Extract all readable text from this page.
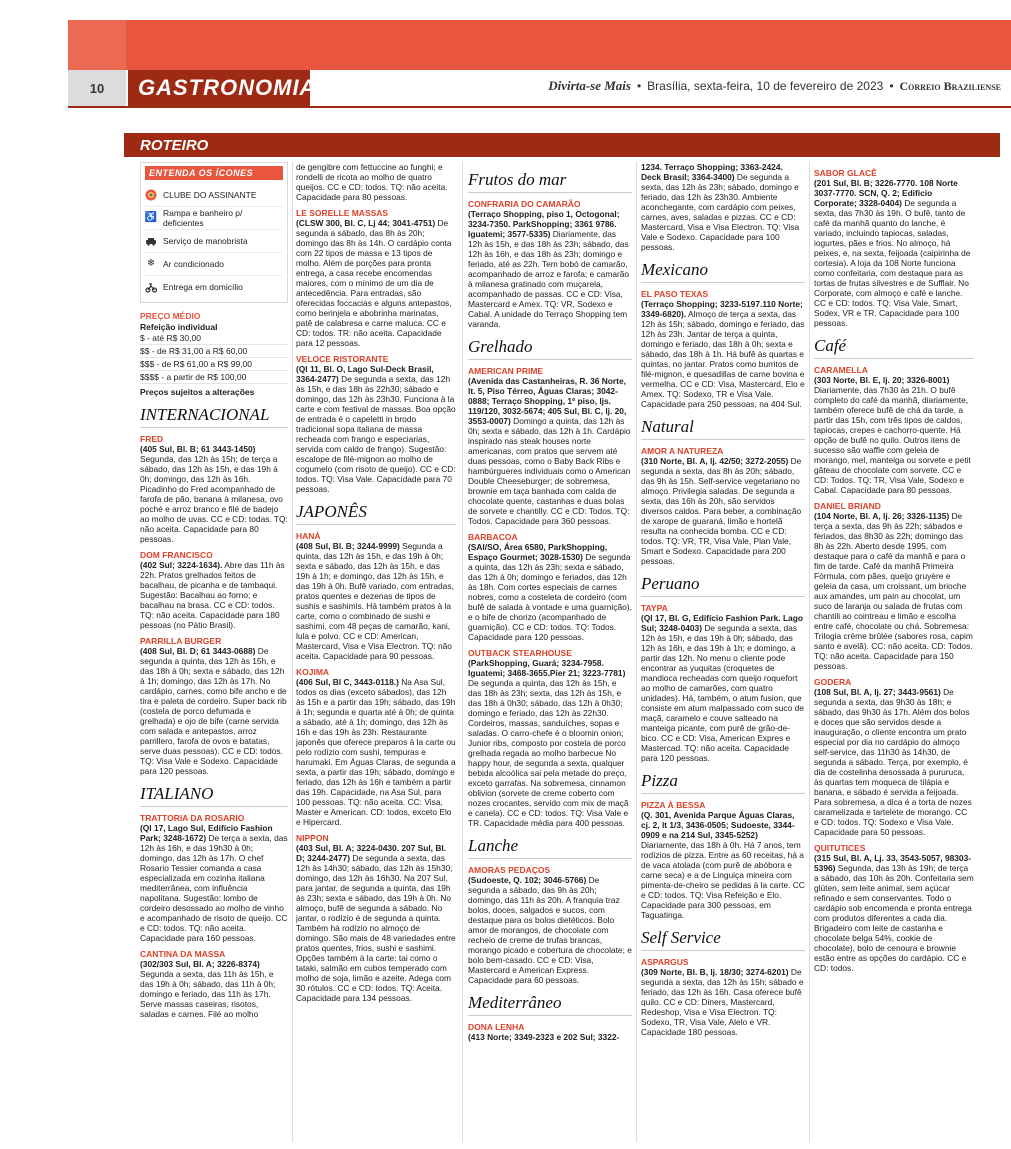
10	GASTRONOMIA	Divirta-se Mais • Brasília, sexta-feira, 10 de fevereiro de 2023 • Correio Braziliense
ROTEIRO
ENTENDA OS ÍCONES
CLUBE DO ASSINANTE
♿ Rampa e banheiro p/ deficientes
Serviço de manobrista
❄ Ar condicionado
Entrega em domicílio
PREÇO MÉDIO
Refeição individual
$ - até R$ 30,00
$$ - de R$ 31,00 a R$ 60,00
$$$ - de R$ 61,00 a R$ 99,00
$$$$ - a partir de R$ 100,00
Preços sujeitos a alterações
INTERNACIONAL
FRED

(405 Sul, Bl. B; 61 3443-1450) Segunda, das 12h às 15h; de terça a sábado, das 12h às 15h, e das 19h à 0h; domingo, das 12h às 16h. Picadinho do Fred acompanhado de farofa de pão, banana à milanesa, ovo poché e arroz branco e filé de badejo ao molho de uvas. CC e CD: todas. TQ: não aceita. Capacidade para 80 pessoas.

DOM FRANCISCO

(402 Sul; 3224-1634). Abre das 11h às 22h. Pratos grelhados feitos de bacalhau, de picanha e de tambaqui. Sugestão: Bacalhau ao forno; e bacalhau na brasa. CC e CD: todos. TQ: não aceita. Capacidade para 180 pessoas (no Pátio Brasil).

PARRILLA BURGER

(408 Sul, Bl. D; 61 3443-0688) De segunda a quinta, das 12h às 15h, e das 18h à 0h; sexta e sábado, das 12h à 1h; domingo, das 12h às 17h. No cardápio, carnes, como bife ancho e de tira e paleta de cordeiro. Super back rib (costela de porco defumada e grelhada) e ojo de bife (carne servida com salada e antepastos, arroz parrillero, farofa de ovos e batatas, serve duas pessoas). CC e CD: todos. TQ: Visa Vale e Sodexo. Capacidade para 120 pessoas.

ITALIANO
TRATTORIA DA ROSARIO

(QI 17, Lago Sul, Edifício Fashion Park; 3248-1672) De terça a sexta, das 12h às 16h, e das 19h30 à 0h; domingo, das 12h às 17h. O chef Rosario Tessier comanda a casa especializada em cozinha italiana mediterrânea, com influência napolitana. Sugestão: lombo de cordeiro desossado ao molho de vinho e acompanhado de risoto de queijo. CC e CD: todos. TQ: não aceita. Capacidade para 160 pessoas.

CANTINA DA MASSA

(302/303 Sul, Bl. A; 3226-8374) Segunda a sexta, das 11h às 15h, e das 19h à 0h; sábado, das 11h à 0h; domingo e feriado, das 11h às 17h. Serve massas caseiras, risotos, saladas e carnes. Filé ao molho

de gengibre com fettuccine ao funghi; e rondelli de ricota ao molho de quatro queijos. CC e CD: todos. TQ: não aceita. Capacidade para 80 pessoas.

LE SORELLE MASSAS

(CLSW 300, Bl. C, Lj 44; 3041-4751) De segunda a sábado, das 8h às 20h; domingo das 8h às 14h. O cardápio conta com 22 tipos de massa e 13 tipos de molho. Além de porções para pronta entrega, a casa recebe encomendas maiores, com o mínimo de um dia de antecedência. Para entradas, são oferecidas foccacias e alguns antepastos, como berinjela e abobrinha marinatas, patê de calabresa e carne maluca. CC e CD: todos. TR: não aceita. Capacidade para 12 pessoas.

VELOCE RISTORANTE

(QI 11, Bl. O, Lago Sul-Deck Brasil, 3364-2477) De segunda a sexta, das 12h às 15h, e das 18h às 22h30; sábado e domingo, das 12h às 23h30. Funciona à la carte e com festival de massas. Boa opção de entrada é o capeletti in brodo tradicional sopa italiana de massa recheada com frango e especiarias, servida com caldo de frango). Sugestão: escalope de filé-mignon ao molho de cogumelo (com risoto de queijo). CC e CD: todos. TQ: Visa Vale. Capacidade para 70 pessoas.

JAPONÊS
HANÁ

(408 Sul, Bl. B; 3244-9999) Segunda a quinta, das 12h às 15h, e das 19h à 0h; sexta e sábado, das 12h às 15h, e das 19h à 1h; e domingo, das 12h às 15h, e das 19h à 0h. Bufê variado, com entradas, pratos quentes e dezenas de tipos de sushis e sashimis. Há também pratos à la carte, como o combinado de sushi e sashimi, com 48 peças de camarão, kani, lula e polvo. CC e CD: American, Mastercard, Visa e Visa Electron. TQ: não aceita. Capacidade para 90 pessoas.

KOJIMA

(406 Sul, Bl C, 3443-0118.) Na Asa Sul, todos os dias (exceto sábados), das 12h às 15h e a partir das 19h; sábado, das 19h à 1h; segunda e quarta até à 0h; de quinta a sábado, até à 1h; domingo, das 12h às 16h e das 19h às 23h. Restaurante japonês que oferece preparos à la carte ou pelo rodízio com sushi, tempuras e harumaki. Em Águas Claras, de segunda a sexta, a partir das 19h; sábado, domingo e feriado, das 12h às 16h e também a partir das 19h. Capacidade, na Asa Sul, para 100 pessoas. TQ: não aceita. CC: Visa, Master e American. CD: todos, exceto Elo e Hipercard.

NIPPON

(403 Sul, Bl. A; 3224-0430. 207 Sul, Bl. D; 3244-2477) De segunda a sexta, das 12h às 14h30; sábado, das 12h às 15h30; domingo, das 12h às 16h30. Na 207 Sul, para jantar, de segunda a quinta, das 19h às 23h; sexta e sábado, das 19h à 0h. No almoço, bufê de segunda a sábado. No jantar, o rodízio é de segunda a quinta. Também há rodízio no almoço de domingo. São mais de 48 variedades entre pratos quentes, frios, sushi e sashimi. Opções também à la carte: tai como o tataki, salmão em cubos temperado com molho de soja, limão e azeite. Adega com 30 rótulos. CC e CD: todos. TQ: Aceita. Capacidade para 134 pessoas.

Frutos do mar
CONFRARIA DO CAMARÃO

(Terraço Shopping, piso 1, Octogonal; 3234-7350. ParkShopping; 3361 9786. Iguatemi; 3577-5335) Diariamente, das 12h às 15h, e das 18h às 23h; sábado, das 12h às 16h, e das 18h às 23h; domingo e feriado, até as 22h. Tem bobó de camarão, acompanhado de arroz e farofa; e camarão à milanesa gratinado com muçarela, acompanhado de passas. CC e CD: Visa, Mastercard e Amex. TQ: VR, Sodexo e Cabal. A unidade do Terraço Shopping tem varanda.

Grelhado
AMERICAN PRIME

(Avenida das Castanheiras, R. 36 Norte, lt. 5, Piso Térreo, Águas Claras; 3042-0888; Terraço Shopping, 1º piso, ljs. 119/120, 3032-5674; 405 Sul, Bl. C, lj. 20, 3553-0007) Domingo a quinta, das 12h às 0h; sexta e sábado, das 12h à 1h. Cardápio inspirado nas steak houses norte americanas, com pratos que servem até duas pessoas, como o Baby Back Ribs e hambúrgueres individuais como o American Double Cheeseburger; de sobremesa, brownie em taça banhada com calda de chocolate quente, castanhas e duas bolas de sorvete e chantilly. CC e CD: Todos. TQ: Todos. Capacidade para 360 pessoas.

BARBACOA

(SAI/SO, Área 6580, ParkShopping, Espaço Gourmet; 3028-1530) De segunda a quinta, das 12h às 23h; sexta e sábado, das 12h à 0h; domingo e feriados, das 12h às 18h. Com cortes especiais de carnes nobres, como a costeleta de cordeiro (com bufê de salada à vontade e uma guarnição), e o bife de chorizo (acompanhado de guarnição). CC e CD: todos. TQ: Todos. Capacidade para 120 pessoas.

OUTBACK STEARHOUSE

(ParkShopping, Guará; 3234-7958. Iguatemi; 3468-3655.Pier 21; 3223-7781) De segunda a quinta, das 12h às 15h, e das 18h às 23h; sexta, das 12h às 15h, e das 18h à 0h30; sábado, das 12h à 0h30; domingo e feriado, das 12h às 22h30. Cordeiros, massas, sanduíches, sopas e saladas. O carro-chefe é o bloomin onion; Junior ribs, composto por costela de porco grelhada regada ao molho barbecue No happy hour, de segunda a sexta, qualquer bebida alcoólica sai pela metade do preço, exceto garrafas. Na sobremesa, cinnamon oblivion (sorvete de creme coberto com nozes crocantes, servido com mix de maçã e canela). CC e CD: todos. TQ: Visa Vale e TR. Capacidade média para 400 pessoas.

Lanche
AMORAS PEDAÇOS

(Sudoeste, Q. 102; 3046-5766) De segunda a sábado, das 9h às 20h; domingo, das 11h às 20h. A franquia traz bolos, doces, salgados e sucos, com destaque para os bolos dietéticos. Bolo amor de morangos, de chocolate com recheio de creme de trufas brancas, morango picado e cobertura de chocolate; e bolo bem-casado. CC e CD: Visa, Mastercard e American Express. Capacidade para 60 pessoas.

Mediterrâneo
DONA LENHA

(413 Norte; 3349-2323 e 202 Sul; 3322-

1234. Terraço Shopping; 3363-2424. Deck Brasil; 3364-3400) De segunda a sexta, das 12h às 23h; sábado, domingo e feriado, das 12h às 23h30. Ambiente aconchegante, com cardápio com peixes, carnes, aves, saladas e pizzas. CC e CD: Mastercard, Visa e Visa Electron. TQ: Visa Vale e Sodexo. Capacidade para 100 pessoas.

Mexicano
EL PASO TEXAS

(Terraço Shopping; 3233-5197.110 Norte; 3349-6820). Almoço de terça a sexta, das 12h às 15h; sábado, domingo e feriado, das 12h às 23h. Jantar de terça a quinta, domingo e feriado, das 18h à 0h; sexta e sábado, das 18h à 1h. Há bufê às quartas e quintas, no jantar. Pratos como burritos de filé-mignon, e quesadillas de carne bovina e vermelha. CC e CD: Visa, Mastercard, Elo e Amex. TQ: Sodexo, TR e Visa Vale. Capacidade para 250 pessoas, na 404 Sul.

Natural
AMOR A NATUREZA

(310 Norte, Bl. A, lj. 42/50; 3272-2055) De segunda a sexta, das 8h às 20h; sábado, das 9h às 15h. Self-service vegetariano no almoço. Privilegia saladas. De segunda a sexta, das 16h às 20h, são servidos diversos caldos. Para beber, a combinação de xarope de guaraná, limão e hortelã resulta na conhecida bomba. CC e CD: todos. TQ: VR, TR, Visa Vale, Plan Vale, Smart e Sodexo. Capacidade para 200 pessoas.

Peruano
TAYPA

(QI 17, Bl. G, Edifício Fashion Park. Lago Sul; 3248-0403) De segunda a sexta, das 12h às 15h, e das 19h à 0h; sábado, das 12h às 16h, e das 19h à 1h; e domingo, a partir das 12h. No menu o cliente pode encontrar as yuquitas (croquetes de mandioca recheadas com queijo roquefort ao molho de camarões, com quatro unidades). Há, também, o atum fusion, que consiste em atum malpassado com suco de maçã, caramelo e couve salteado na manteiga picante, com purê de grão-de-bico. CC e CD: Visa, American Expres e Mastercad. TQ: não aceita. Capacidade para 120 pessoas.

Pizza
PIZZA À BESSA

(Q. 301, Avenida Parque Águas Claras, cj. 2, lt 1/3, 3436-0505; Sudoeste, 3344-0909 e na 214 Sul, 3345-5252) Diariamente, das 18h à 0h. Há 7 anos, tem rodízios de pizza. Entre as 60 receitas, há a de vaca atolada (com purê de abóbora e carne seca) e a de Linguiça mineira com pimenta-de-cheiro se pedidas à la carte. CC e CD: todos. TQ: Visa Refeição e Elo. Capacidade para 300 pessoas, em Taguatinga.

Self Service
ASPARGUS

(309 Norte, Bl. B, lj. 18/30; 3274-6201) De segunda a sexta, das 12h às 15h; sábado e feriado, das 12h às 16h. Casa oferece bufê quilo. CC e CD: Diners, Mastercard, Redeshop, Visa e Visa Electron. TQ: Sodexo, TR, Visa Vale, Alelo e VR. Capacidade 180 pessoas.

SABOR GLACÊ

(201 Sul, Bl. B; 3226-7770. 108 Norte 3037-7770. SCN, Q. 2; Edifício Corporate; 3328-0404) De segunda a sexta, das 7h30 às 19h. O bufê, tanto de café da manhã quanto do lanche, é variado, incluindo tapiocas, saladas, iogurtes, pães e frios. No almoço, há peixes, e, na sexta, feijoada (caipirinha de cortesia). A loja da 108 Norte funciona como confeitaria, com destaque para as tortas de frutas silvestres e de Sufflair. No Corporate, com almoço e café e lanche. CC e CD: todos. TQ: Visa Vale, Smart, Sodex, VR e TR. Capacidade para 100 pessoas.

Café
CARAMELLA

(303 Norte, Bl. E, lj. 20; 3326-8001) Diariamente, das 7h30 às 21h. O bufê completo do café da manhã, diariamente, também oferece bufê de chá da tarde, a partir das 15h, com três tipos de caldos, tapiocas, crepes e cachorro-quente. Há opção de bufê no quilo. Outros itens de sucesso são waffle com geleia de morango, mel, manteiga ou sorvete e petit gâteau de chocolate com sorvete. CC e CD: Todos. TQ: TR, Visa Vale, Sodexo e Cabal. Capacidade para 80 pessoas.

DANIEL BRIAND

(104 Norte, Bl. A, lj. 26; 3326-1135) De terça a sexta, das 9h às 22h; sábados e feriados, das 8h30 às 22h; domingo das 8h às 22h. Aberto desde 1995, com destaque para o café da manhã e para o fim de tarde. Café da manhã Primeira Fórmula, com pães, queijo gruyère e geleia da casa, um croissant, um brioche aux amandes, um pain au chocolat, um suco de laranja ou salada de frutas com chantili ao cointreau e limão e escolha entre café, chocolate ou chá. Sobremesa: Trilogia crème brûlée (sabores rosa, capim santo e avelã). CC: não aceita. CD: Todos. TQ: não aceita. Capacidade para 150 pessoas.

GODERA

(108 Sul, Bl. A, lj. 27; 3443-9561) De segunda a sexta, das 9h30 às 18h; e sábado, das 9h30 às 17h. Além dos bolos e doces que são servidos desde a inauguração, o cliente encontra um prato especial por dia no cardápio do almoço self-service, das 11h30 às 14h30, de segunda a sábado. Terça, por exemplo, é dia de costelinha desossada à pururuca, às quartas tem moqueca de tilápia e banana, e sábado é servida a feijoada. Para sobremesa, a dica é a torta de nozes caramelizada e tartelete de morango. CC e CD: todos. TQ: Sodexo e Visa Vale. Capacidade para 50 pessoas.

QUITUTICES

(315 Sul, Bl. A, Lj. 33, 3543-5057, 98303-5396) Segunda, das 13h às 19h; de terça a sábado, das 10h às 20h. Confeitaria sem glúten, sem leite animal, sem açúcar refinado e sem conservantes. Todo o cardápio sob encomenda e pronta entrega com produtos diferentes a cada dia. Brigadeiro com leite de castanha e chocolate belga 54%, cookie de chocolate), bolo de cenoura e brownie estão entre as opções do cardápio. CC e CD: todos.
